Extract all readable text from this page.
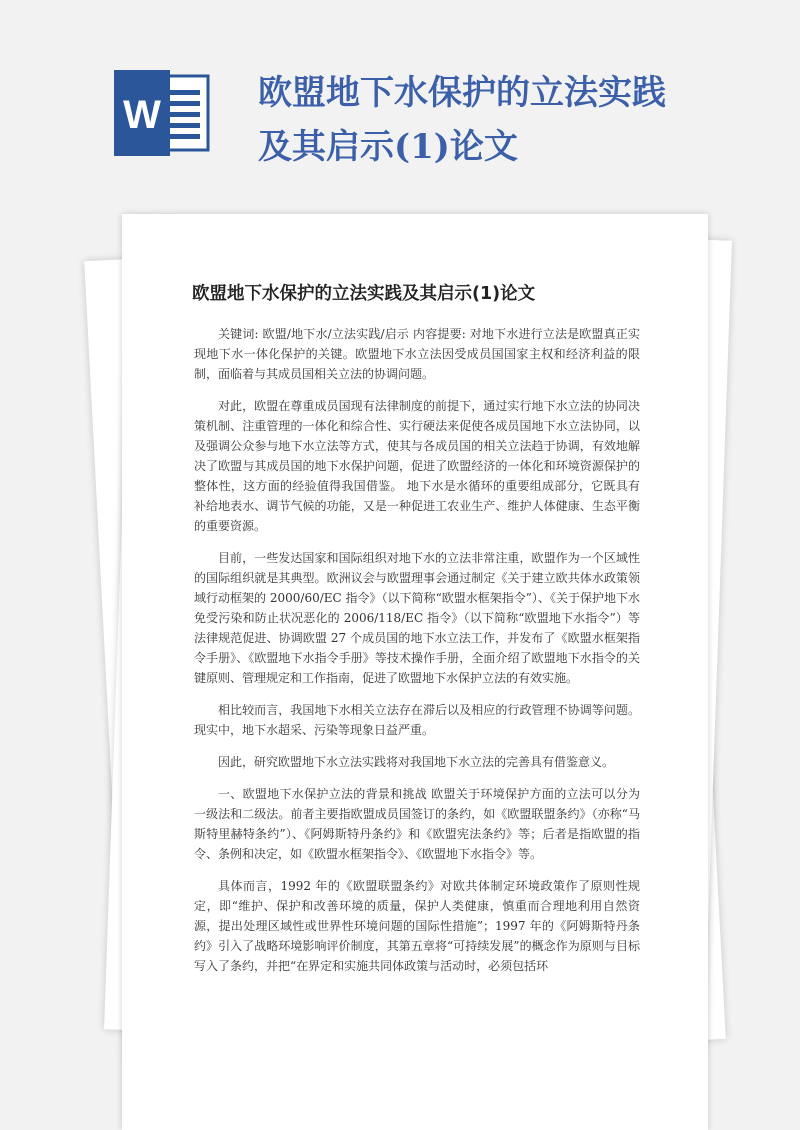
W	欧盟地下水保护的立法实践及其启示(1)论文
欧盟地下水保护的立法实践及其启示(1)论文

关键词: 欧盟/地下水/立法实践/启示 内容提要: 对地下水进行立法是欧盟真正实现地下水一体化保护的关键。欧盟地下水立法因受成员国国家主权和经济利益的限制，面临着与其成员国相关立法的协调问题。

对此，欧盟在尊重成员国现有法律制度的前提下，通过实行地下水立法的协同决策机制、注重管理的一体化和综合性、实行硬法来促使各成员国地下水立法协同，以及强调公众参与地下水立法等方式，使其与各成员国的相关立法趋于协调，有效地解决了欧盟与其成员国的地下水保护问题，促进了欧盟经济的一体化和环境资源保护的整体性，这方面的经验值得我国借鉴。 地下水是水循环的重要组成部分，它既具有补给地表水、调节气候的功能，又是一种促进工农业生产、维护人体健康、生态平衡的重要资源。

目前，一些发达国家和国际组织对地下水的立法非常注重，欧盟作为一个区域性的国际组织就是其典型。欧洲议会与欧盟理事会通过制定《关于建立欧共体水政策领域行动框架的 2000/60/EC 指令》（以下简称“欧盟水框架指令”）、《关于保护地下水免受污染和防止状况恶化的 2006/118/EC 指令》（以下简称“欧盟地下水指令”）等法律规范促进、协调欧盟 27 个成员国的地下水立法工作，并发布了《欧盟水框架指令手册》、《欧盟地下水指令手册》等技术操作手册，全面介绍了欧盟地下水指令的关键原则、管理规定和工作指南，促进了欧盟地下水保护立法的有效实施。

相比较而言，我国地下水相关立法存在滞后以及相应的行政管理不协调等问题。现实中，地下水超采、污染等现象日益严重。

因此，研究欧盟地下水立法实践将对我国地下水立法的完善具有借鉴意义。

一、欧盟地下水保护立法的背景和挑战 欧盟关于环境保护方面的立法可以分为一级法和二级法。前者主要指欧盟成员国签订的条约，如《欧盟联盟条约》（亦称“马斯特里赫特条约”）、《阿姆斯特丹条约》和《欧盟宪法条约》等；后者是指欧盟的指令、条例和决定，如《欧盟水框架指令》、《欧盟地下水指令》等。

具体而言，1992 年的《欧盟联盟条约》对欧共体制定环境政策作了原则性规定，即“维护、保护和改善环境的质量，保护人类健康，慎重而合理地利用自然资源，提出处理区域性或世界性环境问题的国际性措施”；1997 年的《阿姆斯特丹条约》引入了战略环境影响评价制度，其第五章将“可持续发展”的概念作为原则与目标写入了条约，并把“在界定和实施共同体政策与活动时，必须包括环
